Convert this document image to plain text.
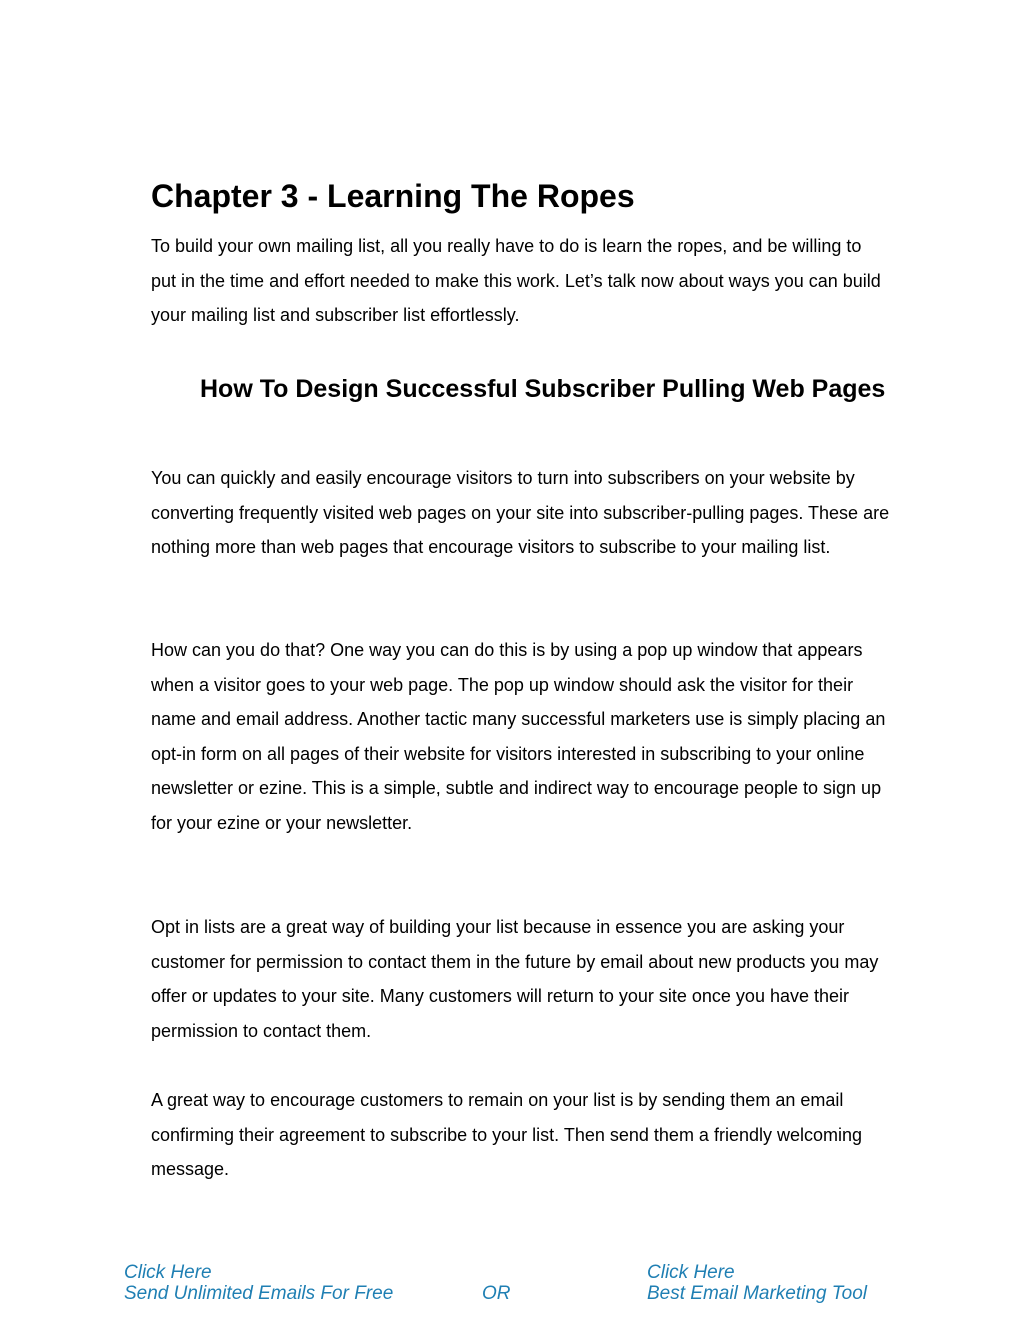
Chapter 3 - Learning The Ropes

To build your own mailing list, all you really have to do is learn the ropes, and be willing to put in the time and effort needed to make this work. Let’s talk now about ways you can build your mailing list and subscriber list effortlessly.

How To Design Successful Subscriber Pulling Web Pages

You can quickly and easily encourage visitors to turn into subscribers on your website by converting frequently visited web pages on your site into subscriber-pulling pages. These are nothing more than web pages that encourage visitors to subscribe to your mailing list.

How can you do that? One way you can do this is by using a pop up window that appears when a visitor goes to your web page. The pop up window should ask the visitor for their name and email address. Another tactic many successful marketers use is simply placing an opt-in form on all pages of their website for visitors interested in subscribing to your online newsletter or ezine. This is a simple, subtle and indirect way to encourage people to sign up for your ezine or your newsletter.

Opt in lists are a great way of building your list because in essence you are asking your customer for permission to contact them in the future by email about new products you may offer or updates to your site. Many customers will return to your site once you have their permission to contact them.

A great way to encourage customers to remain on your list is by sending them an email confirming their agreement to subscribe to your list. Then send them a friendly welcoming message.

Click Here
Send Unlimited Emails For Free	OR
Click Here
Best Email Marketing Tool
